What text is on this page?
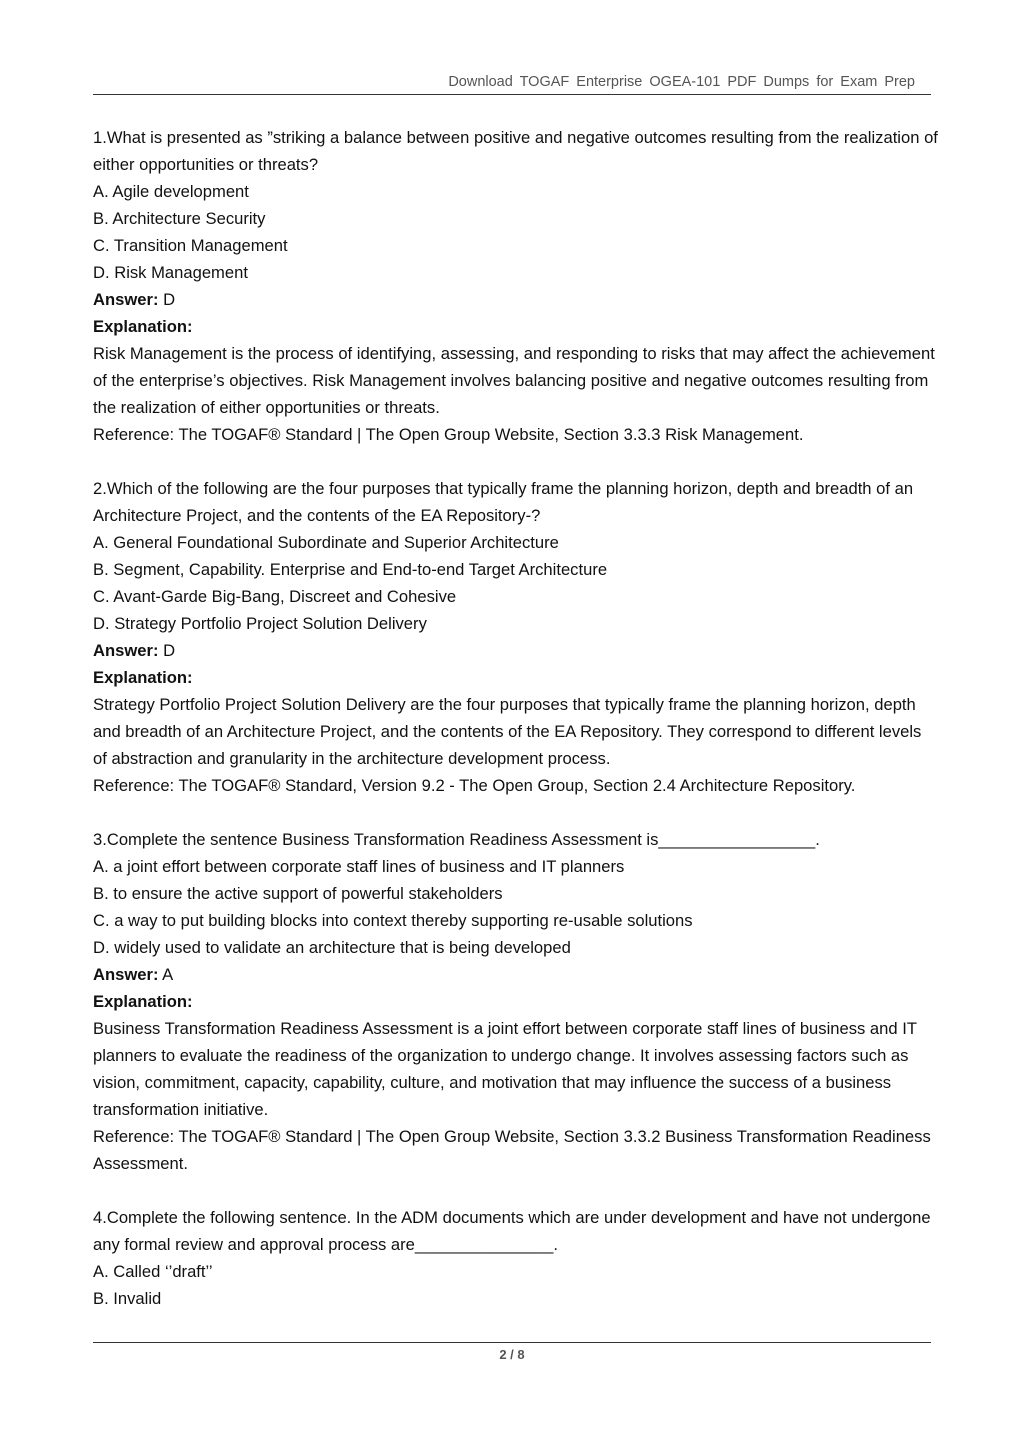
Download TOGAF Enterprise OGEA-101 PDF Dumps for Exam Prep

1.What is presented as ”striking a balance between positive and negative outcomes resulting from the realization of either opportunities or threats?

A. Agile development

B. Architecture Security

C. Transition Management

D. Risk Management

Answer: D

Explanation:

Risk Management is the process of identifying, assessing, and responding to risks that may affect the achievement of the enterprise’s objectives. Risk Management involves balancing positive and negative outcomes resulting from the realization of either opportunities or threats.

Reference: The TOGAF® Standard | The Open Group Website, Section 3.3.3 Risk Management.

2.Which of the following are the four purposes that typically frame the planning horizon, depth and breadth of an Architecture Project, and the contents of the EA Repository-?

A. General Foundational Subordinate and Superior Architecture

B. Segment, Capability. Enterprise and End-to-end Target Architecture

C. Avant-Garde Big-Bang, Discreet and Cohesive

D. Strategy Portfolio Project Solution Delivery

Answer: D

Explanation:

Strategy Portfolio Project Solution Delivery are the four purposes that typically frame the planning horizon, depth and breadth of an Architecture Project, and the contents of the EA Repository. They correspond to different levels of abstraction and granularity in the architecture development process.

Reference: The TOGAF® Standard, Version 9.2 - The Open Group, Section 2.4 Architecture Repository.

3.Complete the sentence Business Transformation Readiness Assessment is_________________.

A. a joint effort between corporate staff lines of business and IT planners

B. to ensure the active support of powerful stakeholders

C. a way to put building blocks into context thereby supporting re-usable solutions

D. widely used to validate an architecture that is being developed

Answer: A

Explanation:

Business Transformation Readiness Assessment is a joint effort between corporate staff lines of business and IT planners to evaluate the readiness of the organization to undergo change. It involves assessing factors such as vision, commitment, capacity, capability, culture, and motivation that may influence the success of a business transformation initiative.

Reference: The TOGAF® Standard | The Open Group Website, Section 3.3.2 Business Transformation Readiness Assessment.

4.Complete the following sentence. In the ADM documents which are under development and have not undergone any formal review and approval process are_______________.

A. Called ‘’draft’’

B. Invalid

2 / 8
